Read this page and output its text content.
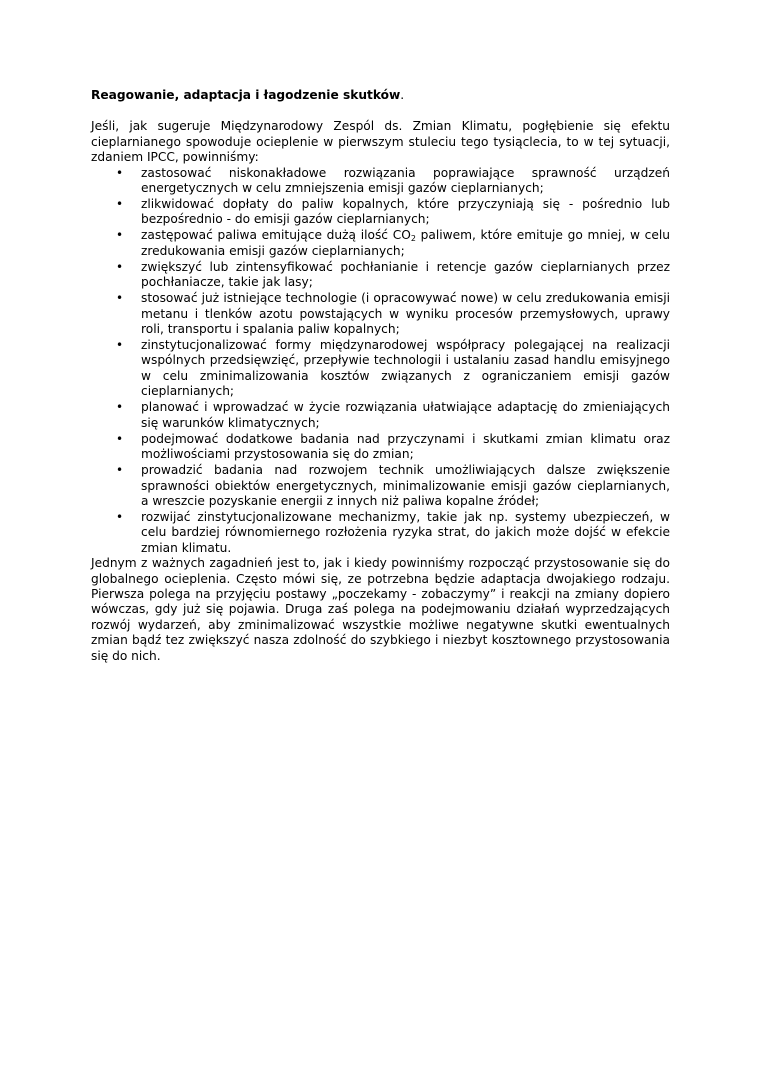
Reagowanie, adaptacja i łagodzenie skutków.

Jeśli, jak sugeruje Międzynarodowy Zespól ds. Zmian Klimatu, pogłębienie się efektu cieplarnianego spowoduje ocieplenie w pierwszym stuleciu tego tysiąclecia, to w tej sytuacji, zdaniem IPCC, powinniśmy:

• zastosować niskonakładowe rozwiązania poprawiające sprawność urządzeń energetycznych w celu zmniejszenia emisji gazów cieplarnianych;
• zlikwidować dopłaty do paliw kopalnych, które przyczyniają się - pośrednio lub bezpośrednio - do emisji gazów cieplarnianych;
• zastępować paliwa emitujące dużą ilość $CO_2$ paliwem, które emituje go mniej, w celu zredukowania emisji gazów cieplarnianych;
• zwiększyć lub zintensyfikować pochłanianie i retencje gazów cieplarnianych przez pochłaniacze, takie jak lasy;
• stosować już istniejące technologie (i opracowywać nowe) w celu zredukowania emisji metanu i tlenków azotu powstających w wyniku procesów przemysłowych, uprawy roli, transportu i spalania paliw kopalnych;
• zinstytucjonalizować formy międzynarodowej współpracy polegającej na realizacji wspólnych przedsięwzięć, przepływie technologii i ustalaniu zasad handlu emisyjnego w celu zminimalizowania kosztów związanych z ograniczaniem emisji gazów cieplarnianych;
• planować i wprowadzać w życie rozwiązania ułatwiające adaptację do zmieniających się warunków klimatycznych;
• podejmować dodatkowe badania nad przyczynami i skutkami zmian klimatu oraz możliwościami przystosowania się do zmian;
• prowadzić badania nad rozwojem technik umożliwiających dalsze zwiększenie sprawności obiektów energetycznych, minimalizowanie emisji gazów cieplarnianych, a wreszcie pozyskanie energii z innych niż paliwa kopalne źródeł;
• rozwijać zinstytucjonalizowane mechanizmy, takie jak np. systemy ubezpieczeń, w celu bardziej równomiernego rozłożenia ryzyka strat, do jakich może dojść w efekcie zmian klimatu.

Jednym z ważnych zagadnień jest to, jak i kiedy powinniśmy rozpocząć przystosowanie się do globalnego ocieplenia. Często mówi się, ze potrzebna będzie adaptacja dwojakiego rodzaju. Pierwsza polega na przyjęciu postawy „poczekamy - zobaczymy” i reakcji na zmiany dopiero wówczas, gdy już się pojawia. Druga zaś polega na podejmowaniu działań wyprzedzających rozwój wydarzeń, aby zminimalizować wszystkie możliwe negatywne skutki ewentualnych zmian bądź tez zwiększyć nasza zdolność do szybkiego i niezbyt kosztownego przystosowania się do nich.
